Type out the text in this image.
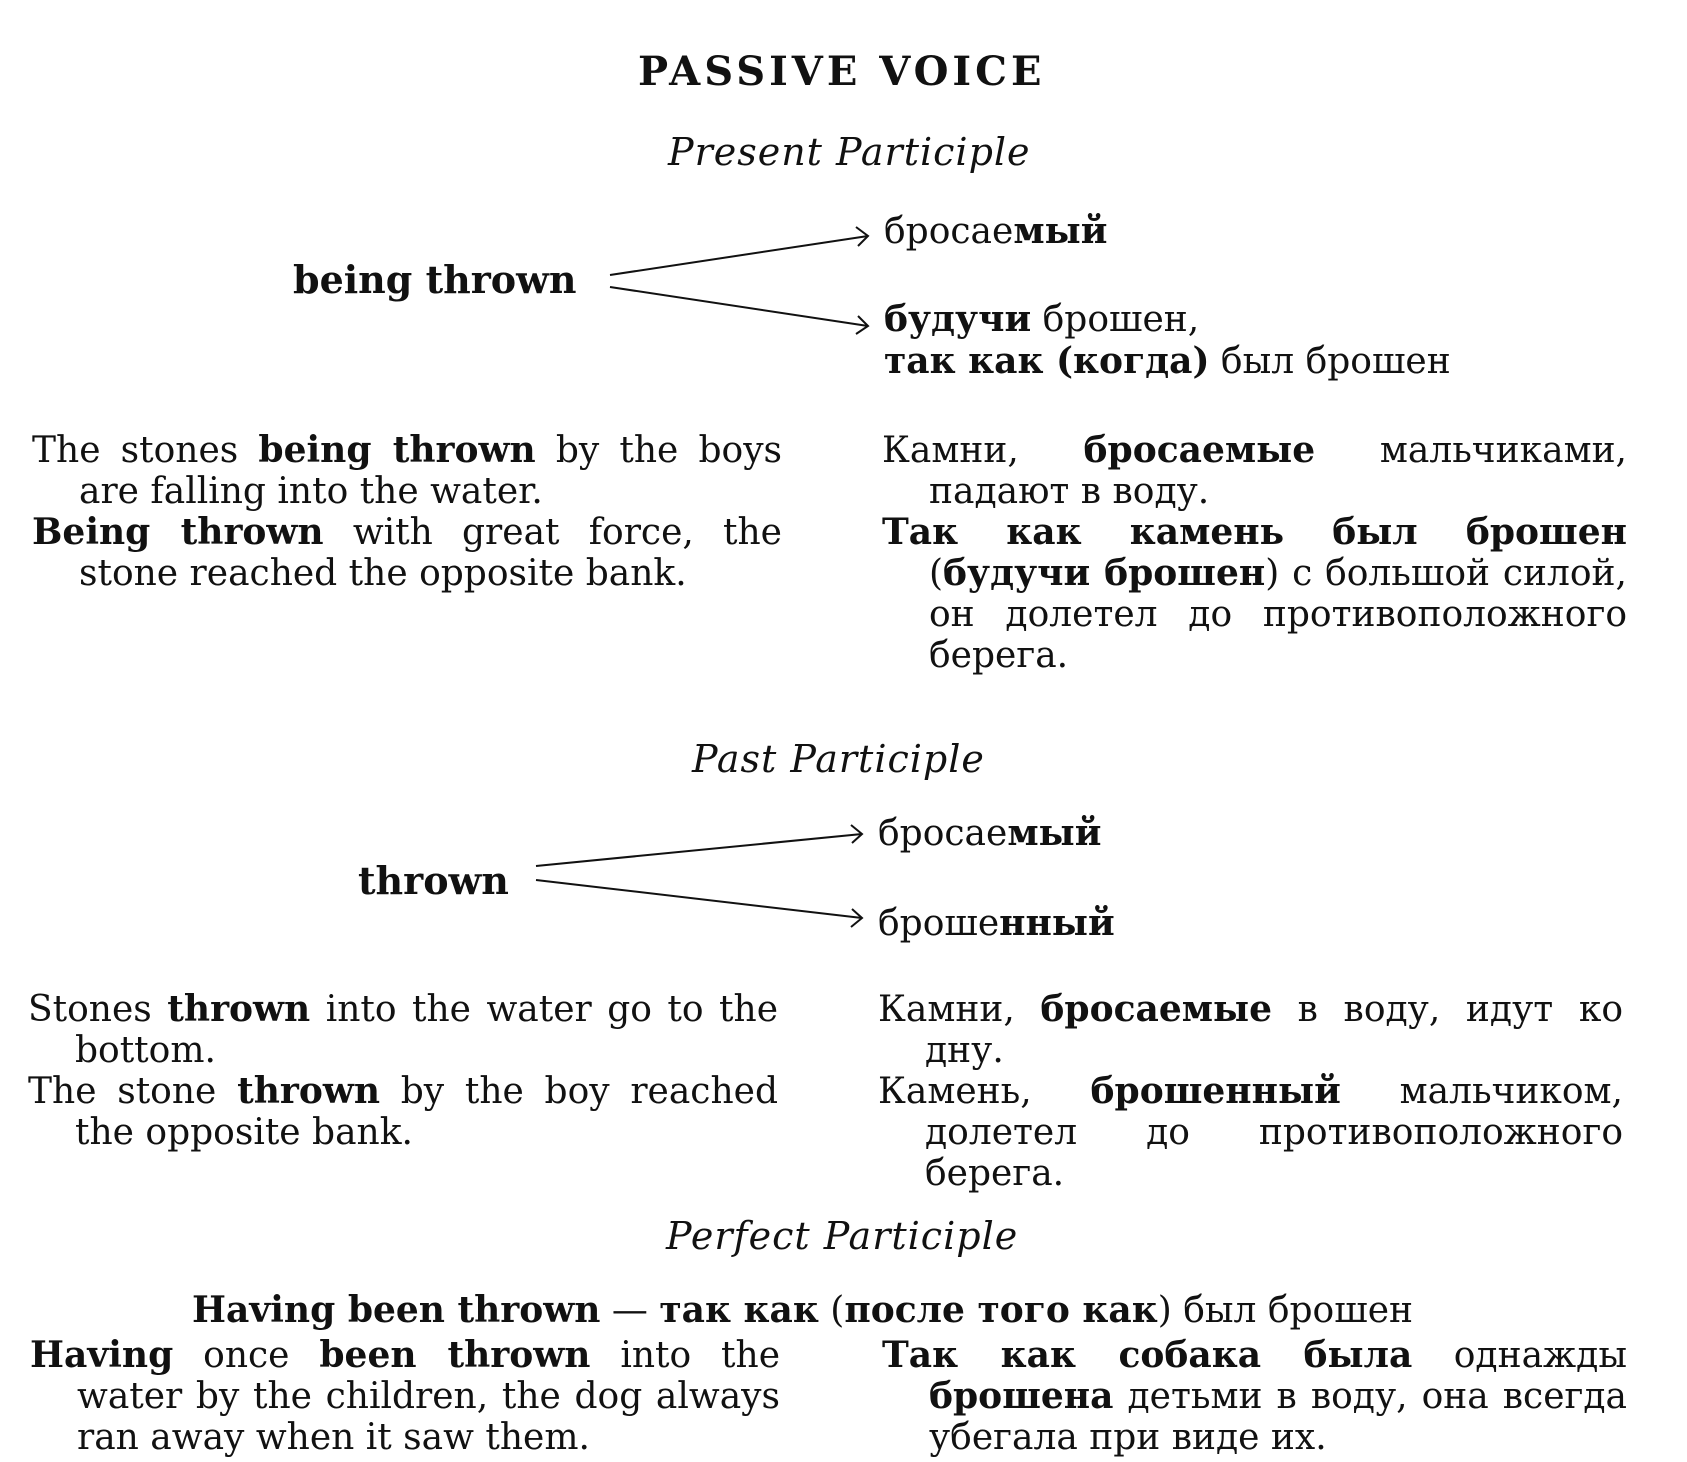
PASSIVE VOICE
Present Participle
being thrown
бросаемый
будучи брошен,
так как (когда) был брошен

The stones being thrown by the boys are falling into the water.

Being thrown with great force, the stone reached the opposite bank.

Камни, бросаемые мальчиками, падают в воду.

Так как камень был брошен (будучи брошен) с большой силой, он долетел до противоположного берега.

Past Participle
thrown
бросаемый
брошенный

Stones thrown into the water go to the bottom.

The stone thrown by the boy reached the opposite bank.

Камни, бросаемые в воду, идут ко дну.

Камень, брошенный мальчиком, долетел до противоположного берега.

Perfect Participle
Having been thrown — так как (после того как) был брошен

Having once been thrown into the water by the children, the dog always ran away when it saw them.

Так как собака была однажды брошена детьми в воду, она всегда убегала при виде их.
